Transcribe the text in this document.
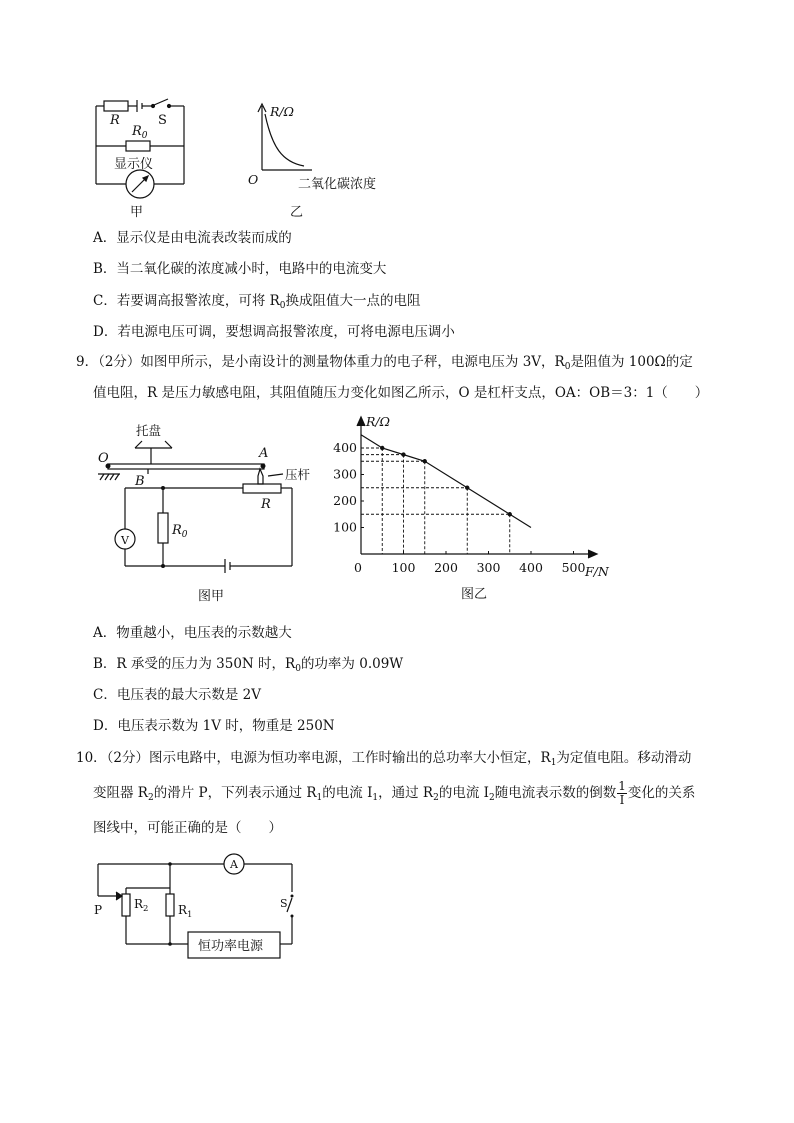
R	S
$R_0$
显示仪
甲
R/Ω
O	二氧化碳浓度
乙
A．显示仪是由电流表改装而成的
B．当二氧化碳的浓度减小时，电路中的电流变大
C．若要调高报警浓度，可将 $R_0$换成阻值大一点的电阻
D．若电源电压可调，要想调高报警浓度，可将电源电压调小
9．（2分）如图甲所示，是小南设计的测量物体重力的电子秤，电源电压为 3V，$R_0$是阻值为 100Ω的定
值电阻，R 是压力敏感电阻，其阻值随压力变化如图乙所示，O 是杠杆支点，OA：OB＝3：1（　　）
托盘
O	A
B	压杆
R
$R_0$
V
图甲
0 100 200 300 400 500
100
200
300
400
R/Ω
F/N
图乙
A．物重越小，电压表的示数越大
B．R 承受的压力为 350N 时，$R_0$的功率为 0.09W
C．电压表的最大示数是 2V
D．电压表示数为 1V 时，物重是 250N
10．（2分）图示电路中，电源为恒功率电源，工作时输出的总功率大小恒定，$R_1$为定值电阻。移动滑动
变阻器 $R_2$的滑片 P，下列表示通过 $R_1$的电流 $I_1$，通过 $R_2$的电流 $I_2$随电流表示数的倒数 $\frac{1}{I}$ 变化的关系
图线中，可能正确的是（　　）
A
P	$R_2$ $R_1$
S
恒功率电源
